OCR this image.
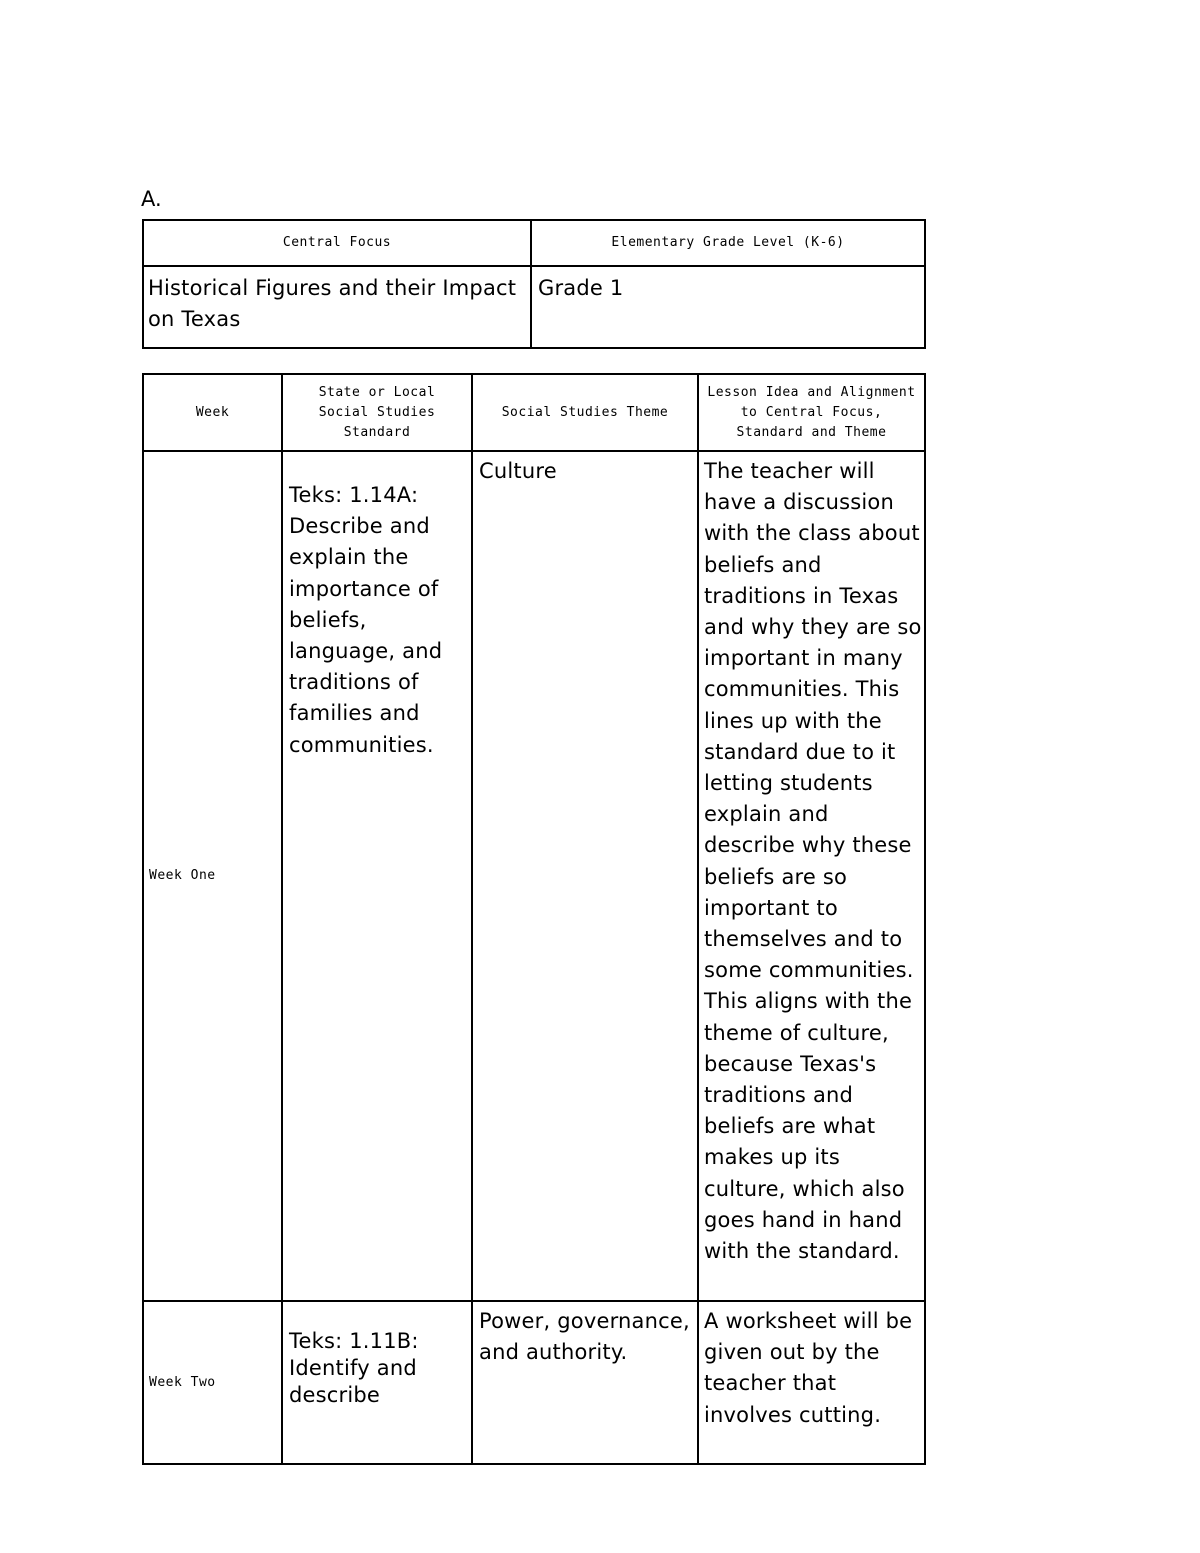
A.
Central Focus	Elementary Grade Level (K-6)
Historical Figures and their Impact on Texas	Grade 1
Week	State or Local Social Studies Standard	Social Studies Theme	Lesson Idea and Alignment to Central Focus, Standard and Theme
Week One	Teks: 1.14A: Describe and explain the importance of beliefs, language, and traditions of families and communities.	Culture	The teacher will have a discussion with the class about beliefs and traditions in Texas and why they are so important in many communities. This lines up with the standard due to it letting students explain and describe why these beliefs are so important to themselves and to some communities. This aligns with the theme of culture, because Texas's traditions and beliefs are what makes up its culture, which also goes hand in hand with the standard.
Week Two	Teks: 1.11B: Identify and describe	Power, governance, and authority.	A worksheet will be given out by the teacher that involves cutting.
